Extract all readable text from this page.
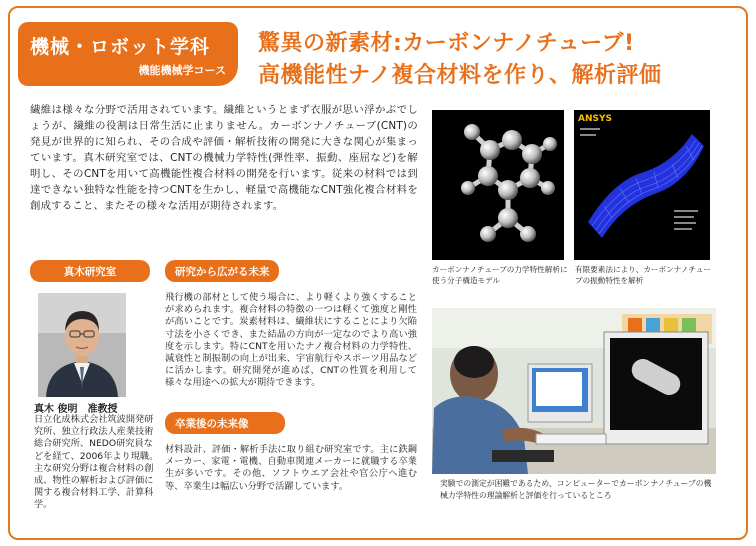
機械・ロボット学科
機能機械学コース
驚異の新素材:カーボンナノチューブ!
高機能性ナノ複合材料を作り、解析評価

繊維は様々な分野で活用されています。繊維というとまず衣服が思い浮かぶでしょうが、繊維の役割は日常生活に止まりません。カーボンナノチューブ(CNT)の発見が世界的に知られ、その合成や評価・解析技術の開発に大きな関心が集まっています。真木研究室では、CNTの機械力学特性(弾性率、振動、座屈など)を解明し、そのCNTを用いて高機能性複合材料の開発を行います。従来の材料では到達できない独特な性能を持つCNTを生かし、軽量で高機能なCNT強化複合材料を創成すること、またその様々な活用が期待されます。

真木研究室	研究から広がる未来
卒業後の未来像
真木 俊明　准教授

日立化成株式会社筑波開発研究所、独立行政法人産業技術総合研究所、NEDO研究員などを経て、2006年より現職。主な研究分野は複合材料の創成、物性の解析および評価に関する複合材料工学、計算科学。

飛行機の部材として使う場合に、より軽くより強くすることが求められます。複合材料の特徴の一つは軽くて強度と剛性が高いことです。炭素材料は、繊維状にすることにより欠陥寸法を小さくでき、また結晶の方向が一定なのでより高い強度を示します。特にCNTを用いたナノ複合材料の力学特性、減衰性と制振制の向上が出来、宇宙航行やスポーツ用品などに活かします。研究開発が進めば、CNTの性質を利用して様々な用途への拡大が期待できます。

材料設計、評価・解析手法に取り組む研究室です。主に鉄鋼メーカー、家電・電機、自動車関連メーカーに就職する卒業生が多いです。その他、ソフトウエア会社や官公庁へ進む等、卒業生は幅広い分野で活躍しています。

ANSYS

カーボンナノチューブの力学特性解析に使う分子構造モデル

有限要素法により、カーボンナノチューブの振動特性を解析

実験での測定が困難であるため、コンピューターでカーボンナノチューブの機械力学特性の理論解析と評価を行っているところ
